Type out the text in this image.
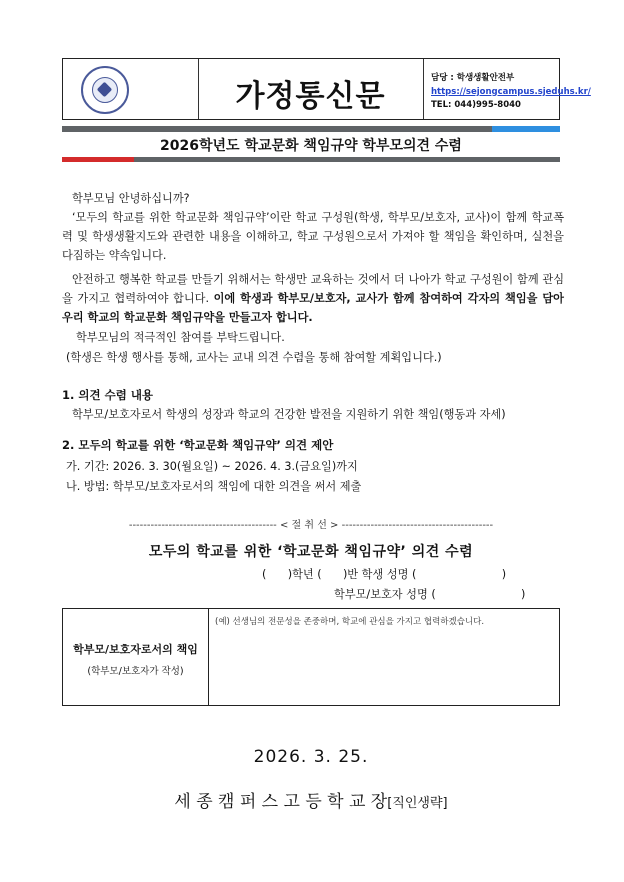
가정통신문
담당 : 학생생활안전부
https://sejongcampus.sjeduhs.kr/
TEL: 044)995-8040
2026학년도 학교문화 책임규약 학부모의견 수렴
학부모님 안녕하십니까?
‘모두의 학교를 위한 학교문화 책임규약’이란 학교 구성원(학생, 학부모/보호자, 교사)이 함께 학교폭력 및 학생생활지도와 관련한 내용을 이해하고, 학교 구성원으로서 가져야 할 책임을 확인하며, 실천을 다짐하는 약속입니다.
안전하고 행복한 학교를 만들기 위해서는 학생만 교육하는 것에서 더 나아가 학교 구성원이 함께 관심을 가지고 협력하여야 합니다. 이에 학생과 학부모/보호자, 교사가 함께 참여하여 각자의 책임을 담아 우리 학교의 학교문화 책임규약을 만들고자 합니다.
학부모님의 적극적인 참여를 부탁드립니다.
(학생은 학생 행사를 통해, 교사는 교내 의견 수렴을 통해 참여할 계획입니다.)
1. 의견 수렴 내용
학부모/보호자로서 학생의 성장과 학교의 건강한 발전을 지원하기 위한 책임(행동과 자세)
2. 모두의 학교를 위한 ‘학교문화 책임규약’ 의견 제안
가. 기간: 2026. 3. 30(월요일) ~ 2026. 4. 3.(금요일)까지
나. 방법: 학부모/보호자로서의 책임에 대한 의견을 써서 제출
----------------------------------------- < 절 취 선 > ------------------------------------------
모두의 학교를 위한 ‘학교문화 책임규약’ 의견 수렴
(      )학년 (      )반 학생 성명 (                        )
학부모/보호자 성명 (                        )
학부모/보호자로서의 책임
(학부모/보호자가 작성)
(예) 선생님의 전문성을 존중하며, 학교에 관심을 가지고 협력하겠습니다.
2026. 3. 25.
세 종 캠 퍼 스 고 등 학 교 장[직인생략]
